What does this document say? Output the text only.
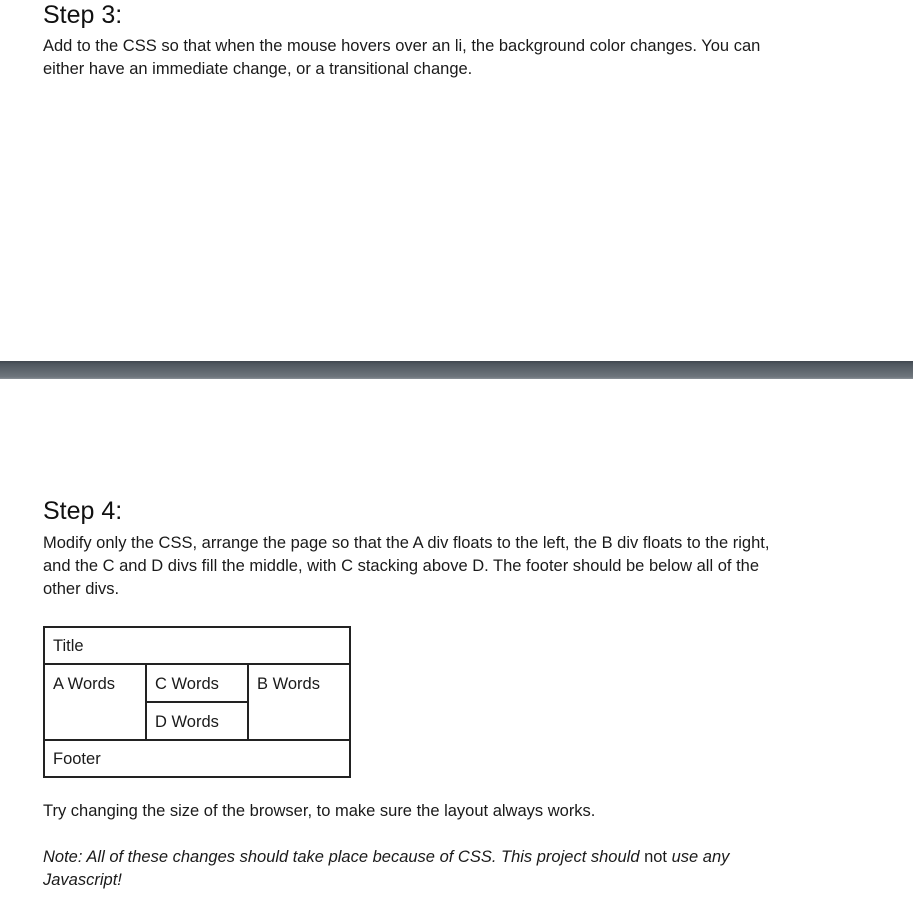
Step 3:

Add to the CSS so that when the mouse hovers over an li, the background color changes. You can

either have an immediate change, or a transitional change.

Step 4:

Modify only the CSS, arrange the page so that the A div floats to the left, the B div floats to the right,

and the C and D divs fill the middle, with C stacking above D. The footer should be below all of the

other divs.

Title
A Words	C Words	B Words
D Words
Footer

Try changing the size of the browser, to make sure the layout always works.

Note: All of these changes should take place because of CSS. This project should not use any

Javascript!
